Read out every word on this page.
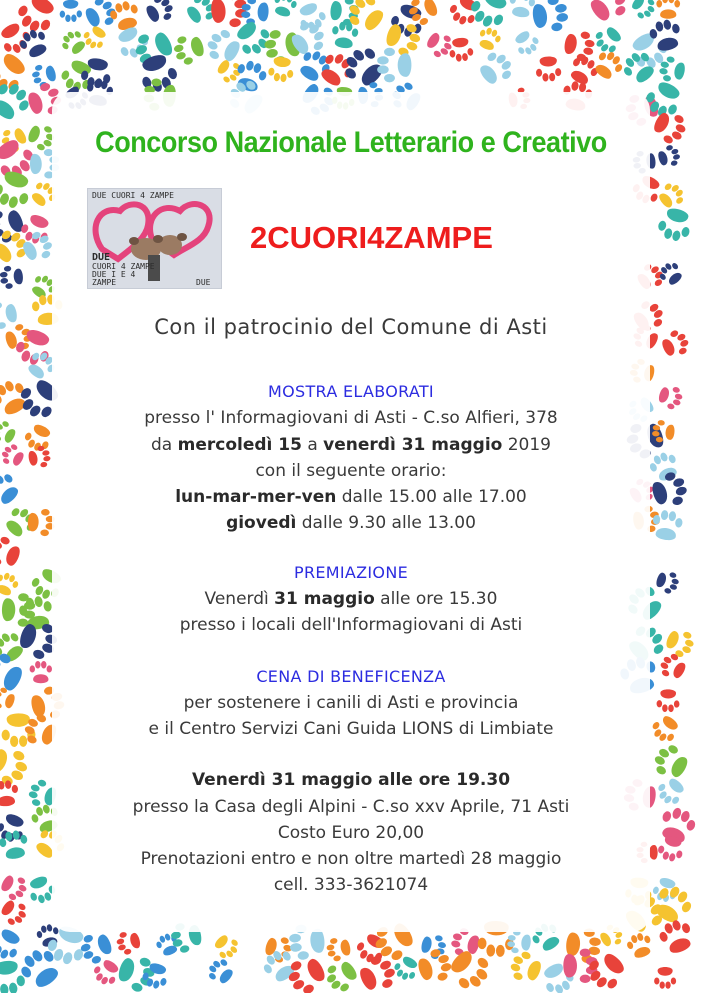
Concorso Nazionale Letterario e Creativo
DUE CUORI 4 ZAMPE
DUE
CUORI 4 ZAMPE
DUE I E 4
ZAMPE	DUE
2CUORI4ZAMPE
Con il patrocinio del Comune di Asti
MOSTRA ELABORATI
presso l' Informagiovani di Asti - C.so Alfieri, 378
da mercoledì 15 a venerdì 31 maggio 2019
con il seguente orario:
lun-mar-mer-ven dalle 15.00 alle 17.00
giovedì dalle 9.30 alle 13.00
PREMIAZIONE
Venerdì 31 maggio alle ore 15.30
presso i locali dell'Informagiovani di Asti
CENA DI BENEFICENZA
per sostenere i canili di Asti e provincia
e il Centro Servizi Cani Guida LIONS di Limbiate
Venerdì 31 maggio alle ore 19.30
presso la Casa degli Alpini - C.so xxv Aprile, 71 Asti
Costo Euro 20,00
Prenotazioni entro e non oltre martedì 28 maggio
cell. 333-3621074
